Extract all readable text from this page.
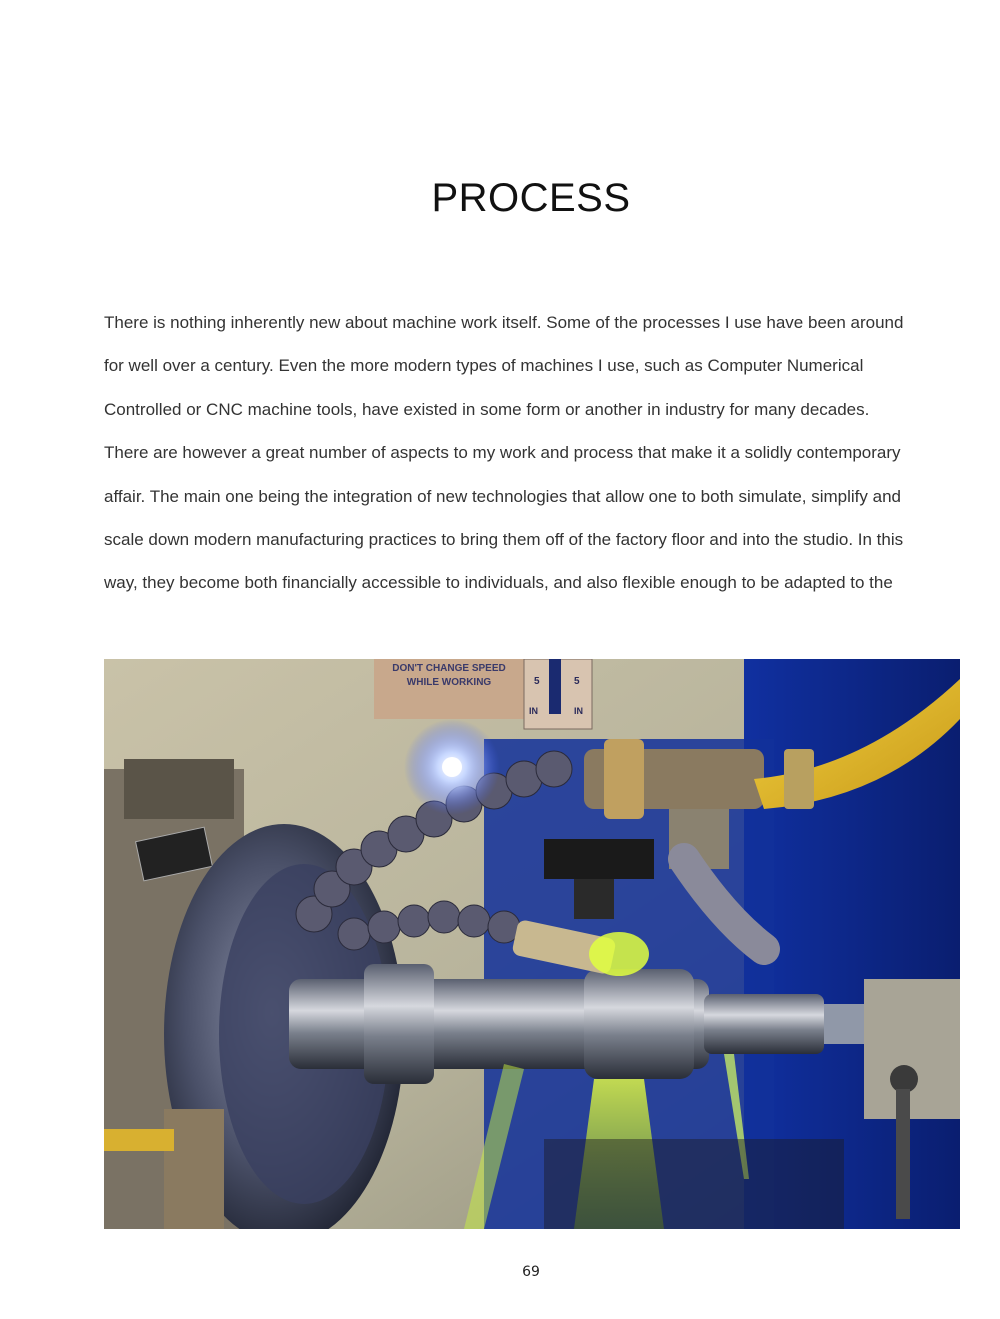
PROCESS
There is nothing inherently new about machine work itself. Some of the processes I use have been around
for well over a century. Even the more modern types of machines I use, such as Computer Numerical
Controlled or CNC machine tools, have existed in some form or another in industry for many decades.
There are however a great number of aspects to my work and process that make it a solidly contemporary
affair. The main one being the integration of new technologies that allow one to both simulate, simplify and
scale down modern manufacturing practices to bring them off of the factory floor and into the studio. In this
way, they become both financially accessible to individuals, and also flexible enough to be adapted to the
DON'T CHANGE SPEED
WHILE WORKING	5	5
IN	IN
69
